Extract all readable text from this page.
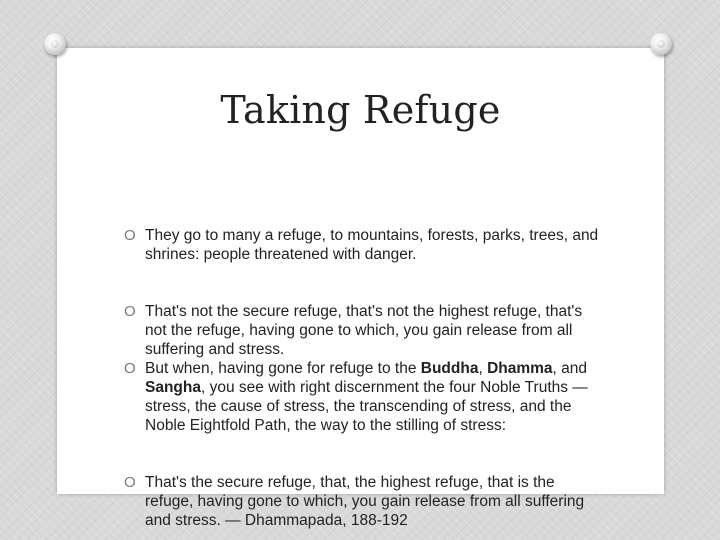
Taking Refuge
O They go to many a refuge, to mountains, forests, parks, trees, and shrines: people threatened with danger.
O That's not the secure refuge, that's not the highest refuge, that's not the refuge, having gone to which, you gain release from all suffering and stress.
O But when, having gone for refuge to the Buddha, Dhamma, and Sangha, you see with right discernment the four Noble Truths — stress, the cause of stress, the transcending of stress, and the Noble Eightfold Path, the way to the stilling of stress:
O That's the secure refuge, that, the highest refuge, that is the refuge, having gone to which, you gain release from all suffering and stress. — Dhammapada, 188-192
